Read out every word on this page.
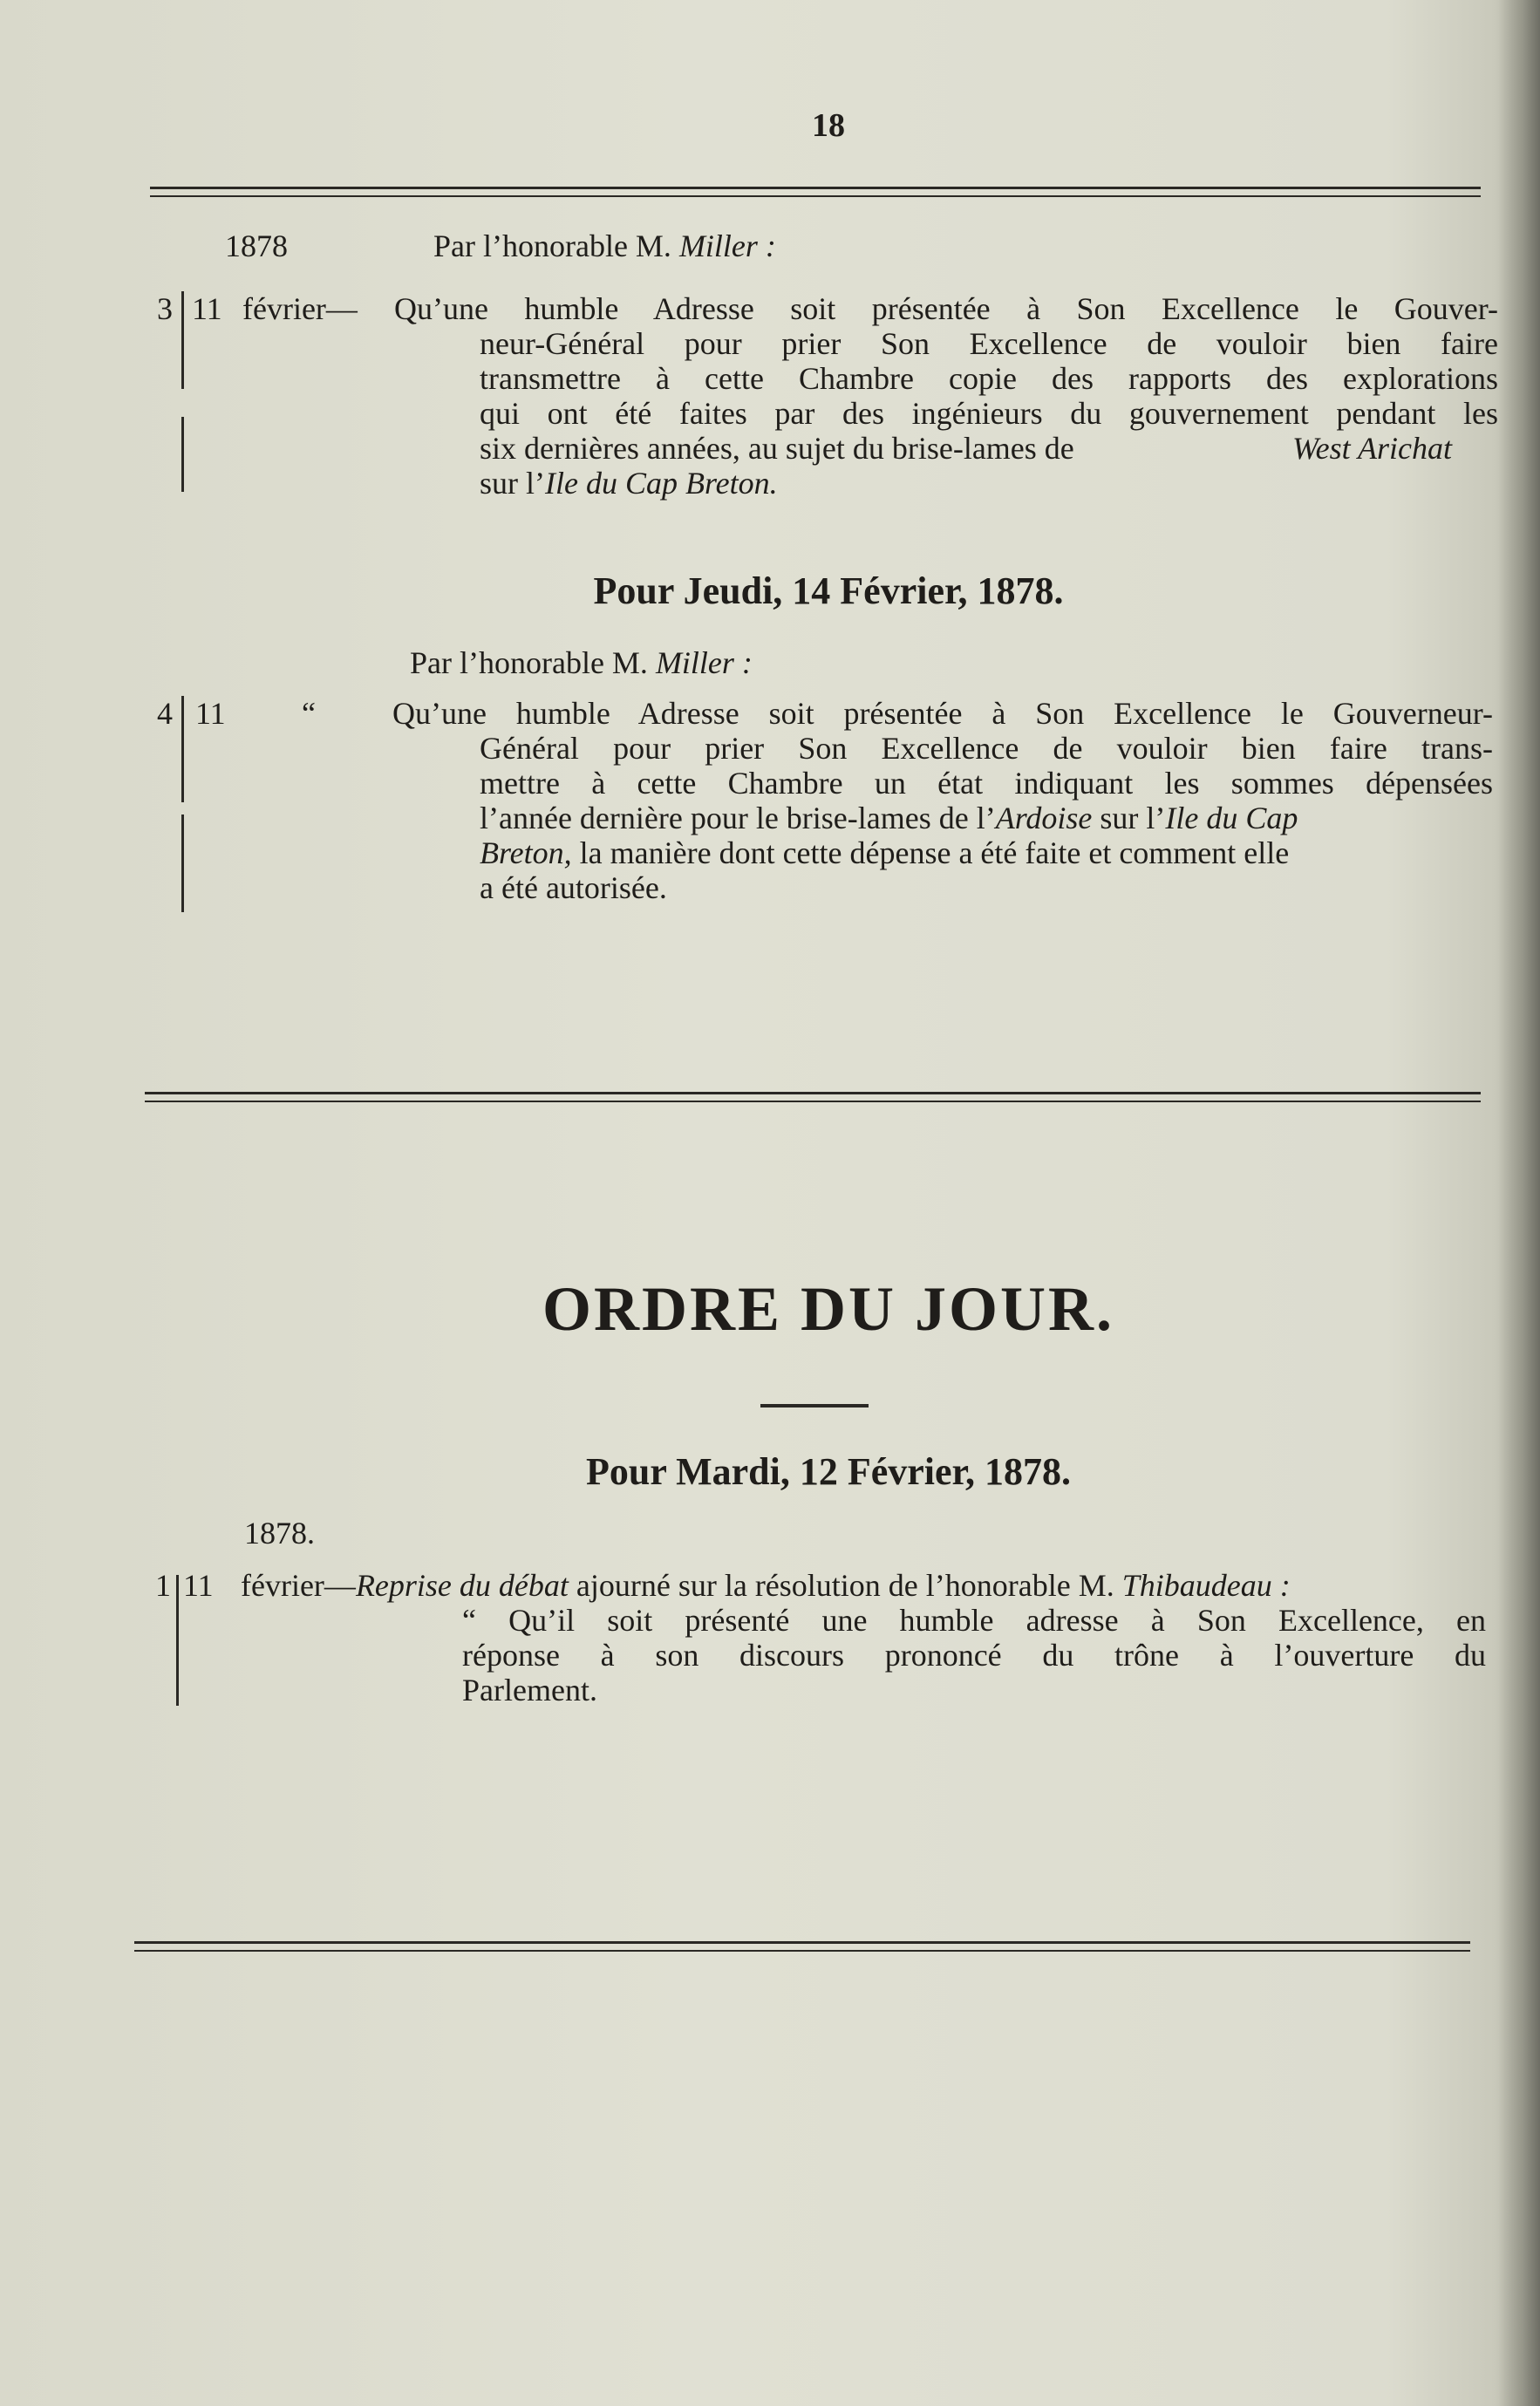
18
1878	Par l’honorable M. Miller :
3 11 février— Qu’une humble Adresse soit présentée à Son Excellence le Gouver-
neur-Général pour prier Son Excellence de vouloir bien faire
transmettre à cette Chambre copie des rapports des explorations
qui ont été faites par des ingénieurs du gouvernement pendant les
six dernières années, au sujet du brise-lames de	West Arichat
sur l’Ile du Cap Breton.
Pour Jeudi, 14 Février, 1878.
Par l’honorable M. Miller :
4 11 “ Qu’une humble Adresse soit présentée à Son Excellence le Gouverneur-
Général pour prier Son Excellence de vouloir bien faire trans-
mettre à cette Chambre un état indiquant les sommes dépensées
l’année dernière pour le brise-lames de l’Ardoise sur l’Ile du Cap
Breton, la manière dont cette dépense a été faite et comment elle
a été autorisée.
ORDRE DU JOUR.
Pour Mardi, 12 Février, 1878.
1878.
1 11 février—Reprise du débat ajourné sur la résolution de l’honorable M. Thibaudeau :
“ Qu’il soit présenté une humble adresse à Son Excellence, en
réponse à son discours prononcé du trône à l’ouverture du
Parlement.
